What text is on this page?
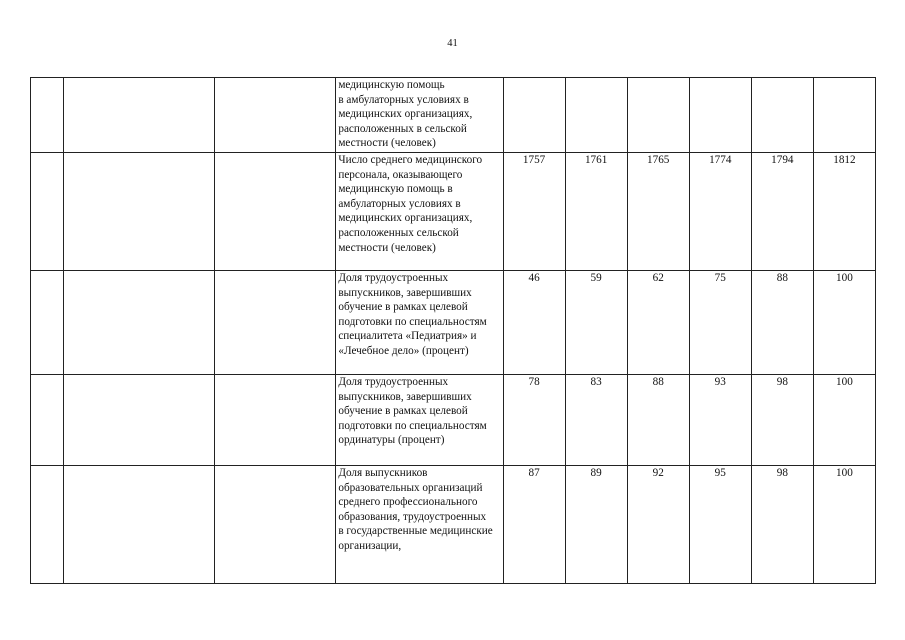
41
			медицинскую помощь
в амбулаторных условиях в медицинских организациях, расположенных в сельской местности (человек)						
			Число среднего медицинского персонала, оказывающего медицинскую помощь в амбулаторных условиях в медицинских организациях, расположенных сельской местности (человек)	1757	1761	1765	1774	1794	1812
			Доля трудоустроенных выпускников, завершивших обучение в рамках целевой подготовки по специальностям специалитета «Педиатрия» и «Лечебное дело» (процент)	46	59	62	75	88	100
			Доля трудоустроенных выпускников, завершивших обучение в рамках целевой подготовки по специальностям ординатуры (процент)	78	83	88	93	98	100
			Доля выпускников образовательных организаций среднего профессионального образования, трудоустроенных
в государственные медицинские организации,	87	89	92	95	98	100
